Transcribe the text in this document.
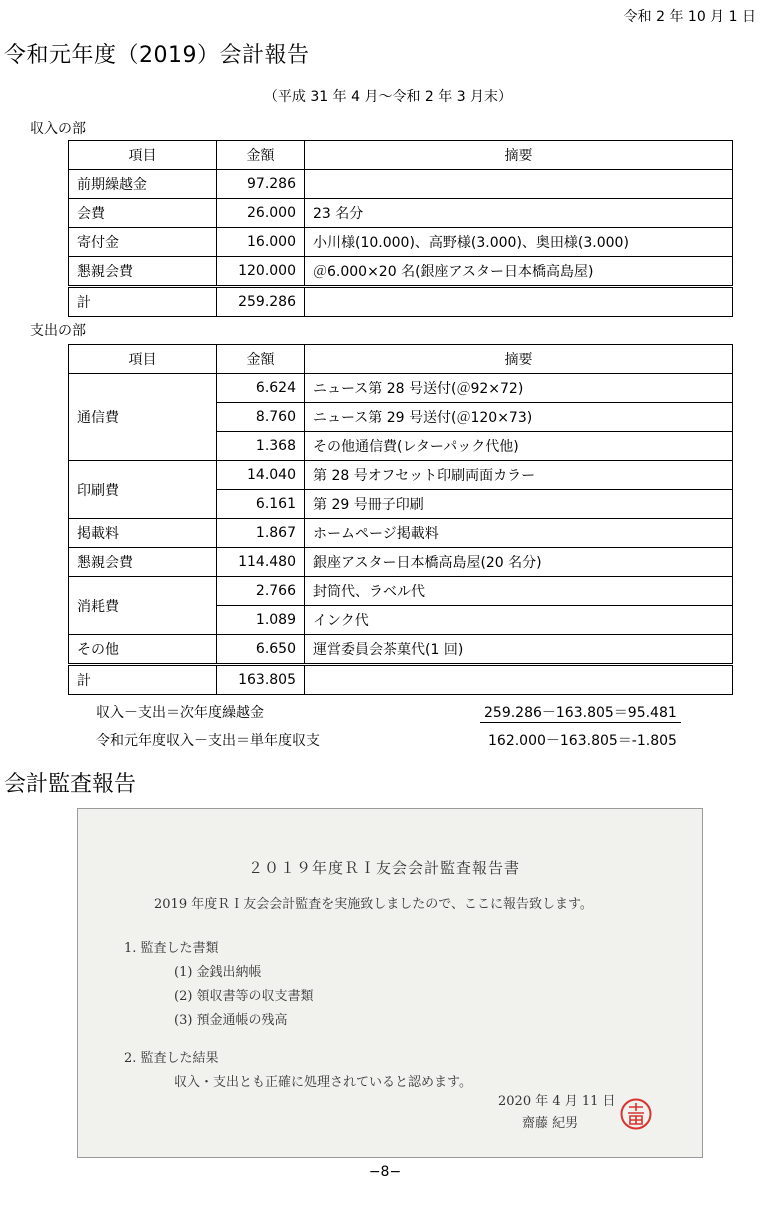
令和 2 年 10 月 1 日
令和元年度（2019）会計報告
（平成 31 年 4 月〜令和 2 年 3 月末）
収入の部
項目	金額	摘要
前期繰越金	97.286	
会費	26.000	23 名分
寄付金	16.000	小川様(10.000)、高野様(3.000)、奥田様(3.000)
懇親会費	120.000	＠6.000×20 名(銀座アスター日本橋高島屋)
計	259.286	
支出の部
項目	金額	摘要
通信費	6.624	ニュース第 28 号送付(＠92×72)
	8.760	ニュース第 29 号送付(＠120×73)
	1.368	その他通信費(レターパック代他)
印刷費	14.040	第 28 号オフセット印刷両面カラー
	6.161	第 29 号冊子印刷
掲載料	1.867	ホームページ掲載料
懇親会費	114.480	銀座アスター日本橋高島屋(20 名分)
消耗費	2.766	封筒代、ラベル代
	1.089	インク代
その他	6.650	運営委員会茶菓代(1 回)
計	163.805	
収入－支出＝次年度繰越金	259.286－163.805＝95.481
令和元年度収入－支出＝単年度収支	162.000－163.805＝-1.805
会計監査報告
２０１９年度ＲＩ友会会計監査報告書
2019 年度ＲＩ友会会計監査を実施致しましたので、ここに報告致します。
1. 監査した書類
(1) 金銭出納帳
(2) 領収書等の収支書類
(3) 預金通帳の残高
2. 監査した結果
収入・支出とも正確に処理されていると認めます。
2020 年 4 月 11 日
齋藤 紀男
−8−
